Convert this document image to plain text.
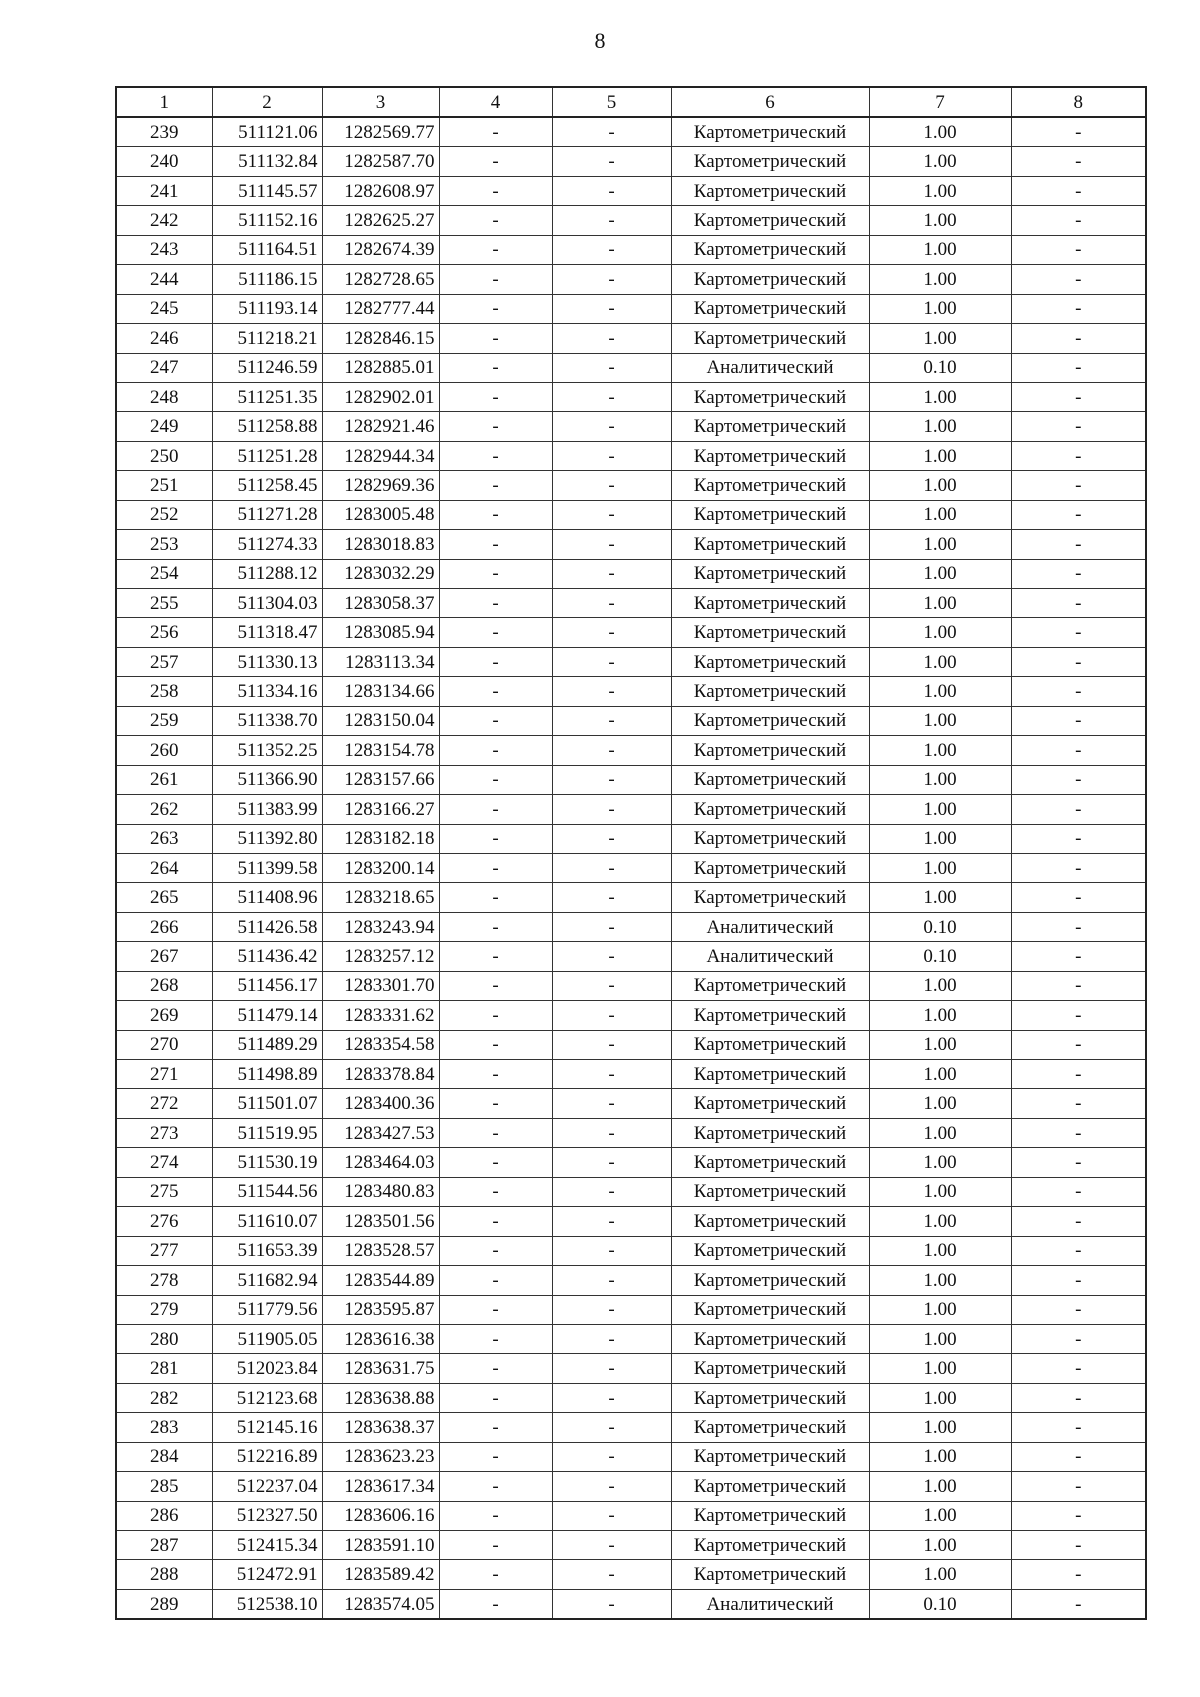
8
1	2	3	4	5	6	7	8
239	511121.06	1282569.77	-	-	Картометрический	1.00	-
240	511132.84	1282587.70	-	-	Картометрический	1.00	-
241	511145.57	1282608.97	-	-	Картометрический	1.00	-
242	511152.16	1282625.27	-	-	Картометрический	1.00	-
243	511164.51	1282674.39	-	-	Картометрический	1.00	-
244	511186.15	1282728.65	-	-	Картометрический	1.00	-
245	511193.14	1282777.44	-	-	Картометрический	1.00	-
246	511218.21	1282846.15	-	-	Картометрический	1.00	-
247	511246.59	1282885.01	-	-	Аналитический	0.10	-
248	511251.35	1282902.01	-	-	Картометрический	1.00	-
249	511258.88	1282921.46	-	-	Картометрический	1.00	-
250	511251.28	1282944.34	-	-	Картометрический	1.00	-
251	511258.45	1282969.36	-	-	Картометрический	1.00	-
252	511271.28	1283005.48	-	-	Картометрический	1.00	-
253	511274.33	1283018.83	-	-	Картометрический	1.00	-
254	511288.12	1283032.29	-	-	Картометрический	1.00	-
255	511304.03	1283058.37	-	-	Картометрический	1.00	-
256	511318.47	1283085.94	-	-	Картометрический	1.00	-
257	511330.13	1283113.34	-	-	Картометрический	1.00	-
258	511334.16	1283134.66	-	-	Картометрический	1.00	-
259	511338.70	1283150.04	-	-	Картометрический	1.00	-
260	511352.25	1283154.78	-	-	Картометрический	1.00	-
261	511366.90	1283157.66	-	-	Картометрический	1.00	-
262	511383.99	1283166.27	-	-	Картометрический	1.00	-
263	511392.80	1283182.18	-	-	Картометрический	1.00	-
264	511399.58	1283200.14	-	-	Картометрический	1.00	-
265	511408.96	1283218.65	-	-	Картометрический	1.00	-
266	511426.58	1283243.94	-	-	Аналитический	0.10	-
267	511436.42	1283257.12	-	-	Аналитический	0.10	-
268	511456.17	1283301.70	-	-	Картометрический	1.00	-
269	511479.14	1283331.62	-	-	Картометрический	1.00	-
270	511489.29	1283354.58	-	-	Картометрический	1.00	-
271	511498.89	1283378.84	-	-	Картометрический	1.00	-
272	511501.07	1283400.36	-	-	Картометрический	1.00	-
273	511519.95	1283427.53	-	-	Картометрический	1.00	-
274	511530.19	1283464.03	-	-	Картометрический	1.00	-
275	511544.56	1283480.83	-	-	Картометрический	1.00	-
276	511610.07	1283501.56	-	-	Картометрический	1.00	-
277	511653.39	1283528.57	-	-	Картометрический	1.00	-
278	511682.94	1283544.89	-	-	Картометрический	1.00	-
279	511779.56	1283595.87	-	-	Картометрический	1.00	-
280	511905.05	1283616.38	-	-	Картометрический	1.00	-
281	512023.84	1283631.75	-	-	Картометрический	1.00	-
282	512123.68	1283638.88	-	-	Картометрический	1.00	-
283	512145.16	1283638.37	-	-	Картометрический	1.00	-
284	512216.89	1283623.23	-	-	Картометрический	1.00	-
285	512237.04	1283617.34	-	-	Картометрический	1.00	-
286	512327.50	1283606.16	-	-	Картометрический	1.00	-
287	512415.34	1283591.10	-	-	Картометрический	1.00	-
288	512472.91	1283589.42	-	-	Картометрический	1.00	-
289	512538.10	1283574.05	-	-	Аналитический	0.10	-
